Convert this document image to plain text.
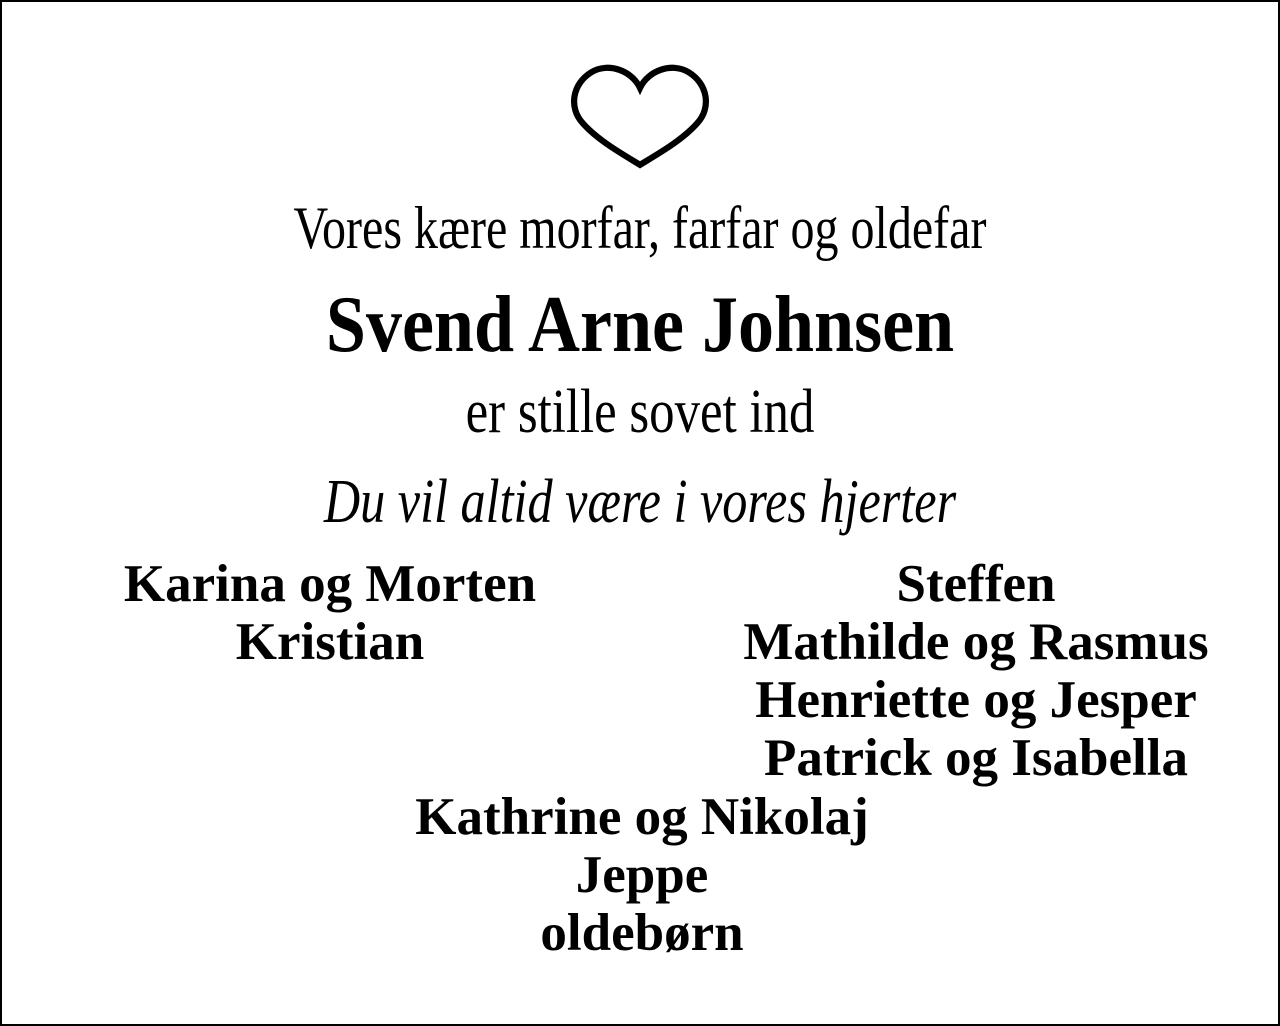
Vores kære morfar, farfar og oldefar
Svend Arne Johnsen
er stille sovet ind
Du vil altid være i vores hjerter
Karina og Morten
Kristian
Steffen
Mathilde og Rasmus
Henriette og Jesper
Patrick og Isabella
Kathrine og Nikolaj
Jeppe
oldebørn
